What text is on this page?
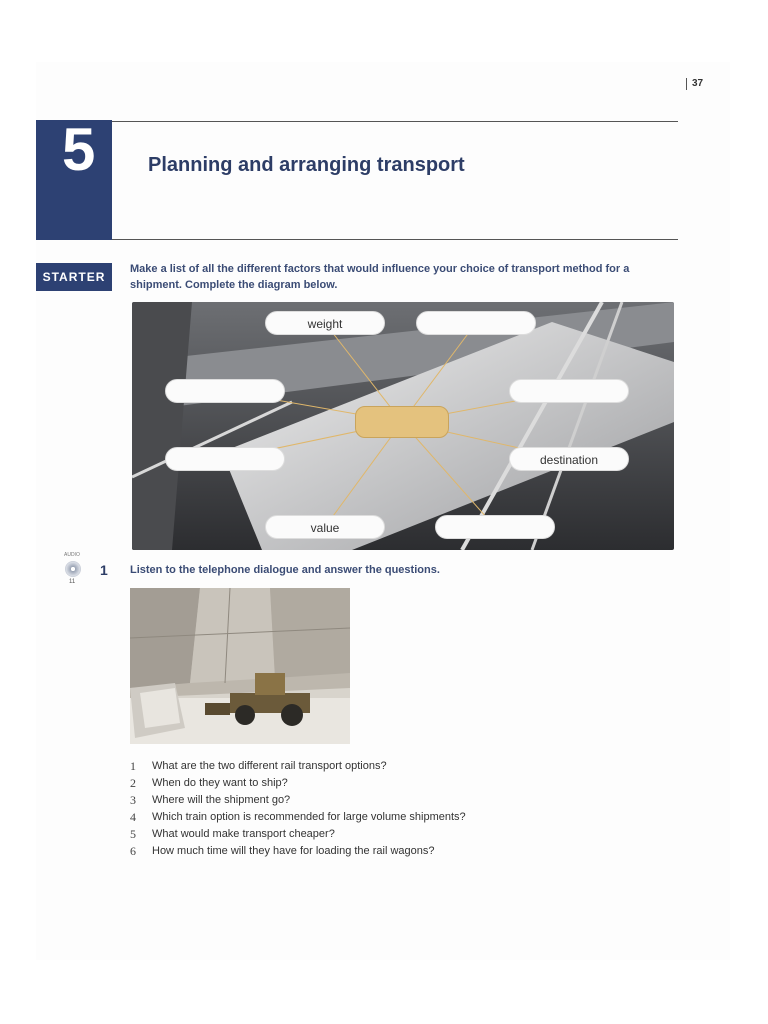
37
5	Planning and arranging transport
STARTER
Make a list of all the different factors that would influence your choice of transport method for a shipment. Complete the diagram below.
weight
destination
value
AUDIO
11
1 Listen to the telephone dialogue and answer the questions.
1	What are the two different rail transport options?
2	When do they want to ship?
3	Where will the shipment go?
4	Which train option is recommended for large volume shipments?
5	What would make transport cheaper?
6	How much time will they have for loading the rail wagons?
